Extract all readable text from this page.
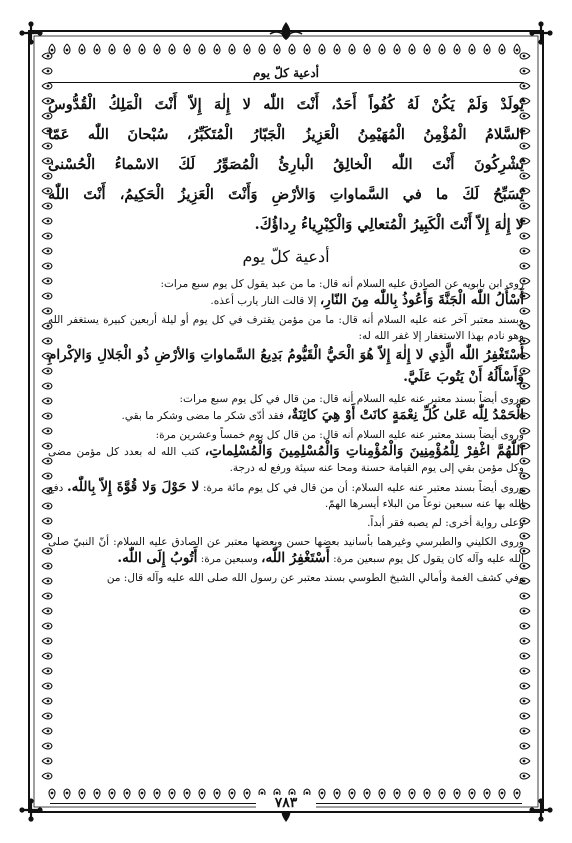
أدعية كلّ يوم

يُولَدْ وَلَمْ يَكُنْ لَهُ كُفُواً أَحَدٌ، أَنْتَ اللّٰه لا إِلٰهَ إِلاّ أَنْتَ الْمَلِكُ الْقُدُّوسُ

السَّلامُ الْمُؤْمِنُ الْمُهَيْمِنُ الْعَزِيزُ الْجَبّارُ الْمُتَكَبِّرُ، سُبْحانَ اللّٰه عَمّا

يُشْرِكُونَ أَنْتَ اللّٰه الْخالِقُ الْبارِئُ الْمُصَوِّرُ لَكَ الاسْماءُ الْحُسْنىٰ

يُسَبِّحُ لَكَ ما في السَّماواتِ وَالأرْضِ وَأَنْتَ الْعَزِيزُ الْحَكِيمُ، أَنْتَ اللّٰه

لا إِلٰهَ إِلاّ أَنْتَ الْكَبِيرُ الْمُتعالِي وَالْكِبْرِياءُ رِداؤُكَ.

أدعية كلّ يوم

روى ابن بابويه عن الصادق عليه السلام أنه قال: ما من عبد يقول كل يوم سبع مرات:

أَسْأَلُ اللّٰه الْجَنَّةَ وَأَعُوذُ بِاللّٰه مِنَ النّارِ، إلا قالت النار يارب أعذه.

وبسند معتبر آخر عنه عليه السلام أنه قال: ما من مؤمن يقترف في كل يوم أو ليلة أربعين كبيرة يستغفر الله وهو نادم بهذا الاستغفار إلا غفر الله له:

أَسْتَغْفِرُ اللّٰه الَّذِي لا إِلٰهَ إِلاّ هُوَ الْحَيُّ الْقَيُّومُ بَدِيعُ السَّماواتِ وَالأرْضِ ذُو الْجَلالِ وَالإكْرامِ وَأَسْأَلُهُ أَنْ يَتُوبَ عَلَيَّ.

وروى أيضاً بسند معتبر عنه عليه السلام أنه قال: من قال في كل يوم سبع مرات:

الْحَمْدُ لِلّٰه عَلىٰ كُلِّ نِعْمَةٍ كانَتْ أَوْ هِيَ كائِنَةٌ، فقد أدّى شكر ما مضى وشكر ما بقي.

وروى أيضاً بسند معتبر عنه عليه السلام أنه قال: من قال كل يوم خمساً وعشرين مرة:

اللّٰهُمَّ اغْفِرْ لِلْمُؤْمِنِينَ وَالْمُؤْمِناتِ وَالْمُسْلِمِينَ وَالْمُسْلِماتِ، كتب الله له بعدد كل مؤمن مضى وكل مؤمن بقي إلى يوم القيامة حسنة ومحا عنه سيئة ورفع له درجة.

وروى أيضاً بسند معتبر عنه عليه السلام: أن من قال في كل يوم مائة مرة: لا حَوْلَ وَلا قُوَّةَ إِلاّ بِاللّٰه. دفع الله بها عنه سبعين نوعاً من البلاء أيسرها الهمّ.

وعلى رواية أخرى: لم يصبه فقر أبداً.

وروى الكليني والطبرسي وغيرهما بأسانيد بعضها حسن وبعضها معتبر عن الصادق عليه السلام: أنّ النبيّ صلى الله عليه وآله كان يقول كل يوم سبعين مرة: أَسْتَغْفِرُ اللّٰه، وسبعين مرة: أَتُوبُ إِلَى اللّٰه.

وفي كشف الغمة وأمالي الشيخ الطوسي بسند معتبر عن رسول الله صلى الله عليه وآله قال: من

٧٨٣
